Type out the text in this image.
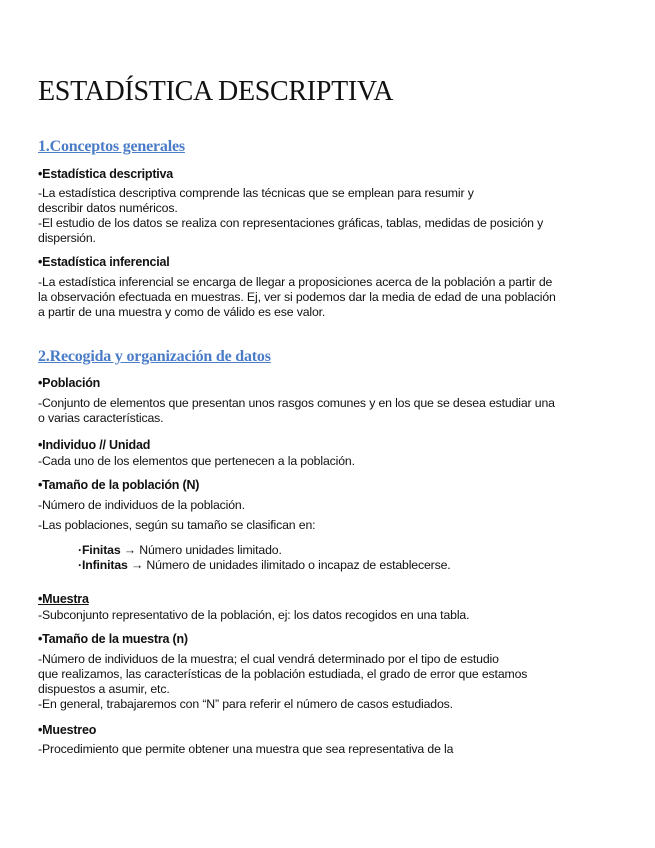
ESTADÍSTICA DESCRIPTIVA
1.Conceptos generales

•Estadística descriptiva

-La estadística descriptiva comprende las técnicas que se emplean para resumir y

describir datos numéricos.

-El estudio de los datos se realiza con representaciones gráficas, tablas, medidas de posición y

dispersión.

•Estadística inferencial

-La estadística inferencial se encarga de llegar a proposiciones acerca de la población a partir de

la observación efectuada en muestras. Ej, ver si podemos dar la media de edad de una población

a partir de una muestra y como de válido es ese valor.

2.Recogida y organización de datos

•Población

-Conjunto de elementos que presentan unos rasgos comunes y en los que se desea estudiar una

o varias características.

•Individuo // Unidad

-Cada uno de los elementos que pertenecen a la población.

•Tamaño de la población (N)

-Número de individuos de la población.

-Las poblaciones, según su tamaño se clasifican en:

·Finitas → Número unidades limitado.

·Infinitas → Número de unidades ilimitado o incapaz de establecerse.

•Muestra

-Subconjunto representativo de la población, ej: los datos recogidos en una tabla.

•Tamaño de la muestra (n)

-Número de individuos de la muestra; el cual vendrá determinado por el tipo de estudio

que realizamos, las características de la población estudiada, el grado de error que estamos

dispuestos a asumir, etc.

-En general, trabajaremos con “N” para referir el número de casos estudiados.

•Muestreo

-Procedimiento que permite obtener una muestra que sea representativa de la
